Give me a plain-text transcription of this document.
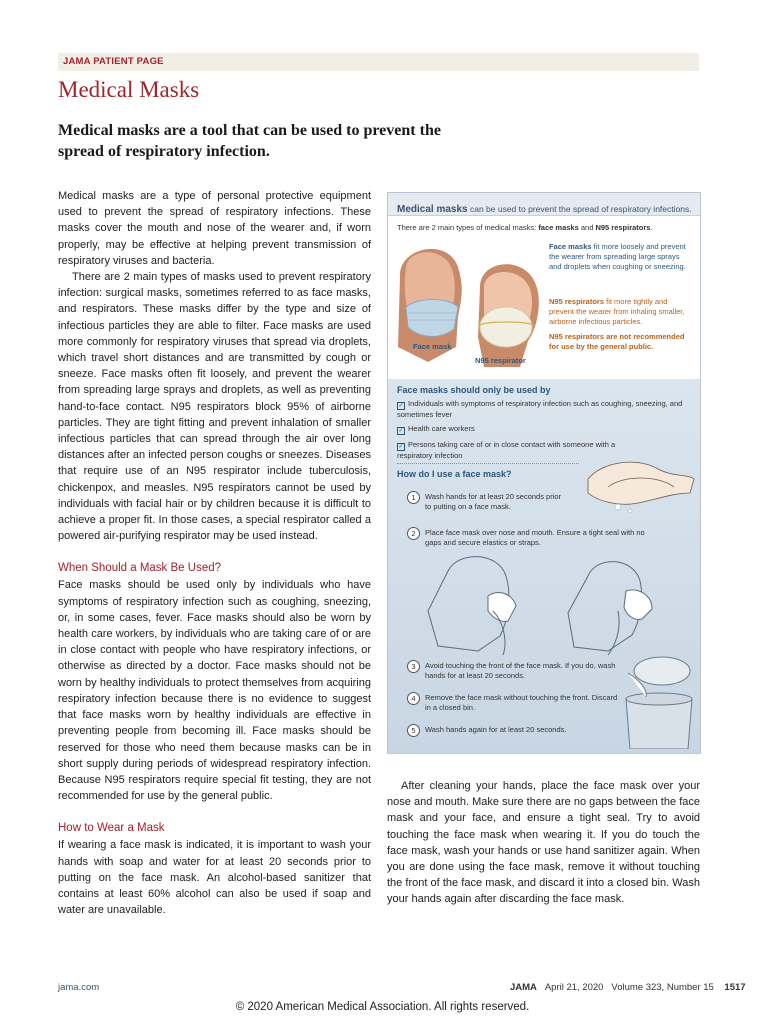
JAMA PATIENT PAGE
Medical Masks
Medical masks are a tool that can be used to prevent the spread of respiratory infection.

Medical masks are a type of personal protective equipment used to prevent the spread of respiratory infections. These masks cover the mouth and nose of the wearer and, if worn properly, may be effective at helping prevent transmission of respiratory viruses and bacteria.

There are 2 main types of masks used to prevent respiratory infection: surgical masks, sometimes referred to as face masks, and respirators. These masks differ by the type and size of infectious particles they are able to filter. Face masks are used more commonly for respiratory viruses that spread via droplets, which travel short distances and are transmitted by cough or sneeze. Face masks often fit loosely, and prevent the wearer from spreading large sprays and droplets, as well as preventing hand-to-face contact. N95 respirators block 95% of airborne particles. They are tight fitting and prevent inhalation of smaller infectious particles that can spread through the air over long distances after an infected person coughs or sneezes. Diseases that require use of an N95 respirator include tuberculosis, chickenpox, and measles. N95 respirators cannot be used by individuals with facial hair or by children because it is difficult to achieve a proper fit. In those cases, a special respirator called a powered air-purifying respirator may be used instead.

When Should a Mask Be Used?

Face masks should be used only by individuals who have symptoms of respiratory infection such as coughing, sneezing, or, in some cases, fever. Face masks should also be worn by health care workers, by individuals who are taking care of or are in close contact with people who have respiratory infections, or otherwise as directed by a doctor. Face masks should not be worn by healthy individuals to protect themselves from acquiring respiratory infection because there is no evidence to suggest that face masks worn by healthy individuals are effective in preventing people from becoming ill. Face masks should be reserved for those who need them because masks can be in short supply during periods of widespread respiratory infection. Because N95 respirators require special fit testing, they are not recommended for use by the general public.

How to Wear a Mask

If wearing a face mask is indicated, it is important to wash your hands with soap and water for at least 20 seconds prior to putting on the face mask. An alcohol-based sanitizer that contains at least 60% alcohol can also be used if soap and water are unavailable.

Medical masks can be used to prevent the spread of respiratory infections.
There are 2 main types of medical masks: face masks and N95 respirators.
Face mask
N95 respirator
Face masks fit more loosely and prevent the wearer from spreading large sprays and droplets when coughing or sneezing.
N95 respirators fit more tightly and prevent the wearer from inhaling smaller, airborne infectious particles.
N95 respirators are not recommended for use by the general public.
Face masks should only be used by
✓ Individuals with symptoms of respiratory infection such as coughing, sneezing, and sometimes fever
✓ Health care workers
✓ Persons taking care of or in close contact with someone with a respiratory infection
How do I use a face mask?
1	Wash hands for at least 20 seconds prior to putting on a face mask.
2	Place face mask over nose and mouth. Ensure a tight seal with no gaps and secure elastics or straps.
3	Avoid touching the front of the face mask. If you do, wash hands for at least 20 seconds.
4	Remove the face mask without touching the front. Discard in a closed bin.
5	Wash hands again for at least 20 seconds.

After cleaning your hands, place the face mask over your nose and mouth. Make sure there are no gaps between the face mask and your face, and ensure a tight seal. Try to avoid touching the face mask when wearing it. If you do touch the face mask, wash your hands or use hand sanitizer again. When you are done using the face mask, remove it without touching the front of the face mask, and discard it into a closed bin. Wash your hands again after discarding the face mask.

jama.com	JAMA April 21, 2020   Volume 323, Number 15 1517
© 2020 American Medical Association. All rights reserved.
